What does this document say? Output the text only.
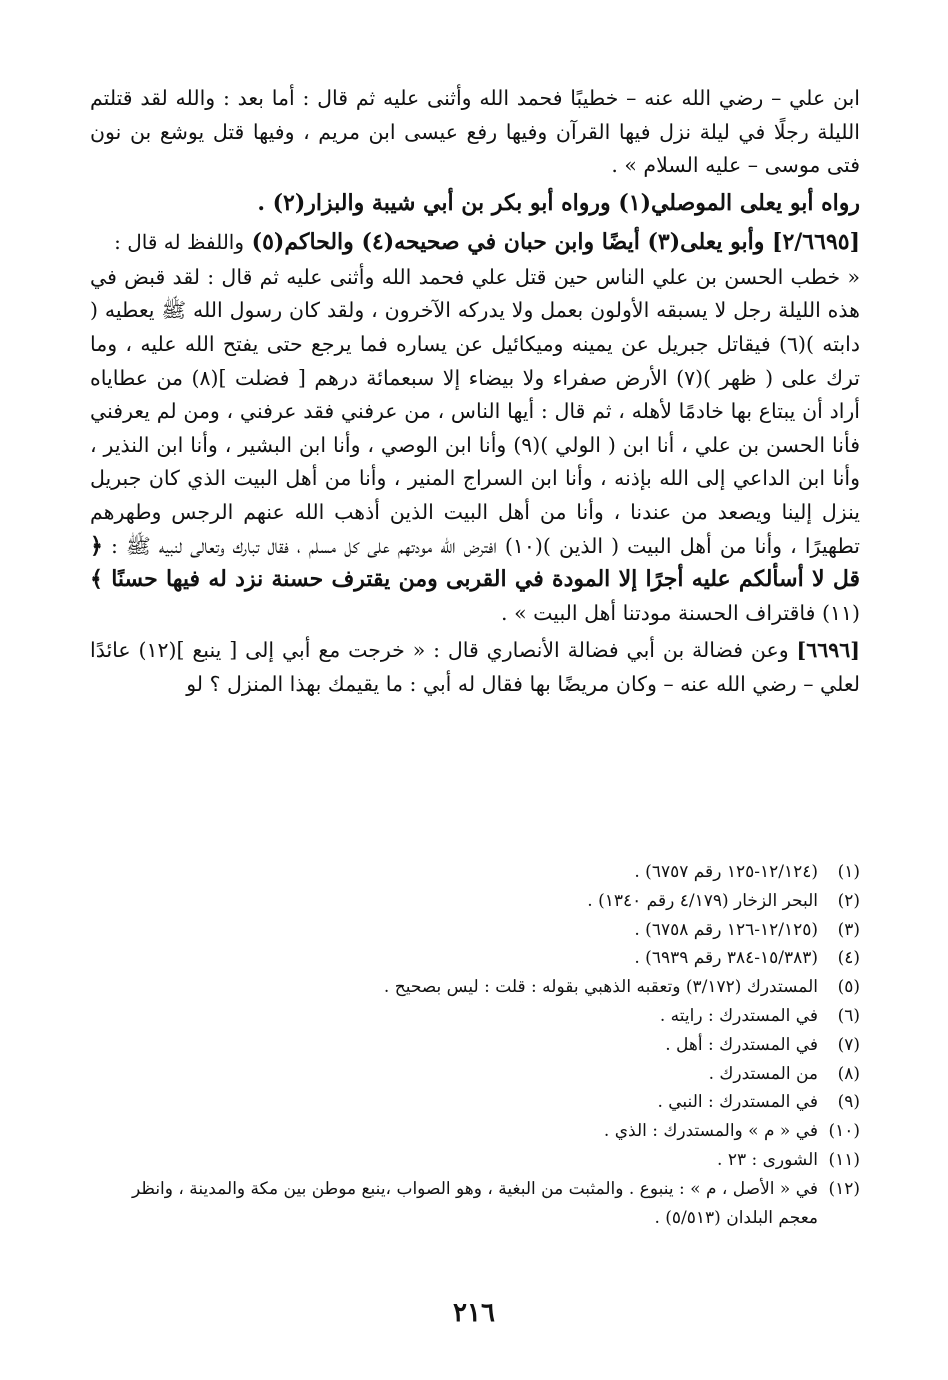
ابن علي – رضي الله عنه – خطيبًا فحمد الله وأثنى عليه ثم قال : أما بعد : والله لقد قتلتم الليلة رجلًا في ليلة نزل فيها القرآن وفيها رفع عيسى ابن مريم ، وفيها قتل يوشع بن نون فتى موسى – عليه السلام » .

رواه أبو يعلى الموصلي(١) ورواه أبو بكر بن أبي شيبة والبزار(٢) .

[٢/٦٦٩٥] وأبو يعلى(٣) أيضًا وابن حبان في صحيحه(٤) والحاكم(٥) واللفظ له قال :

« خطب الحسن بن علي الناس حين قتل علي فحمد الله وأثنى عليه ثم قال : لقد قبض في هذه الليلة رجل لا يسبقه الأولون بعمل ولا يدركه الآخرون ، ولقد كان رسول الله ﷺ يعطيه ( دابته )(٦) فيقاتل جبريل عن يمينه وميكائيل عن يساره فما يرجع حتى يفتح الله عليه ، وما ترك على ( ظهر )(٧) الأرض صفراء ولا بيضاء إلا سبعمائة درهم [ فضلت ](٨) من عطاياه أراد أن يبتاع بها خادمًا لأهله ، ثم قال : أيها الناس ، من عرفني فقد عرفني ، ومن لم يعرفني فأنا الحسن بن علي ، أنا ابن ( الولي )(٩) وأنا ابن الوصي ، وأنا ابن البشير ، وأنا ابن النذير ، وأنا ابن الداعي إلى الله بإذنه ، وأنا ابن السراج المنير ، وأنا من أهل البيت الذي كان جبريل ينزل إلينا ويصعد من عندنا ، وأنا من أهل البيت الذين أذهب الله عنهم الرجس وطهرهم تطهيرًا ، وأنا من أهل البيت ( الذين )(١٠) افترض الله مودتهم على كل مسلم ، فقال تبارك وتعالى لنبيه ﷺ : ﴿ قل لا أسألكم عليه أجرًا إلا المودة في القربى ومن يقترف حسنة نزد له فيها حسنًا ﴾ (١١) فاقتراف الحسنة مودتنا أهل البيت » .

[٦٦٩٦] وعن فضالة بن أبي فضالة الأنصاري قال : « خرجت مع أبي إلى [ ينبع ](١٢) عائدًا لعلي – رضي الله عنه – وكان مريضًا بها فقال له أبي : ما يقيمك بهذا المنزل ؟ لو

(١)(١٢/١٢٤-١٢٥ رقم ٦٧٥٧) .

(٢)البحر الزخار (٤/١٧٩ رقم ١٣٤٠) .

(٣)(١٢/١٢٥-١٢٦ رقم ٦٧٥٨) .

(٤)(١٥/٣٨٣-٣٨٤ رقم ٦٩٣٩) .

(٥)المستدرك (٣/١٧٢) وتعقبه الذهبي بقوله : قلت : ليس بصحيح .

(٦)في المستدرك : رايته .

(٧)في المستدرك : أهل .

(٨)من المستدرك .

(٩)في المستدرك : النبي .

(١٠)في « م » والمستدرك : الذي .

(١١)الشورى : ٢٣ .

(١٢)في « الأصل ، م » : ينبوع . والمثبت من البغية ، وهو الصواب ،ينبع موطن بين مكة والمدينة ، وانظر معجم البلدان (٥/٥١٣) .

٢١٦
